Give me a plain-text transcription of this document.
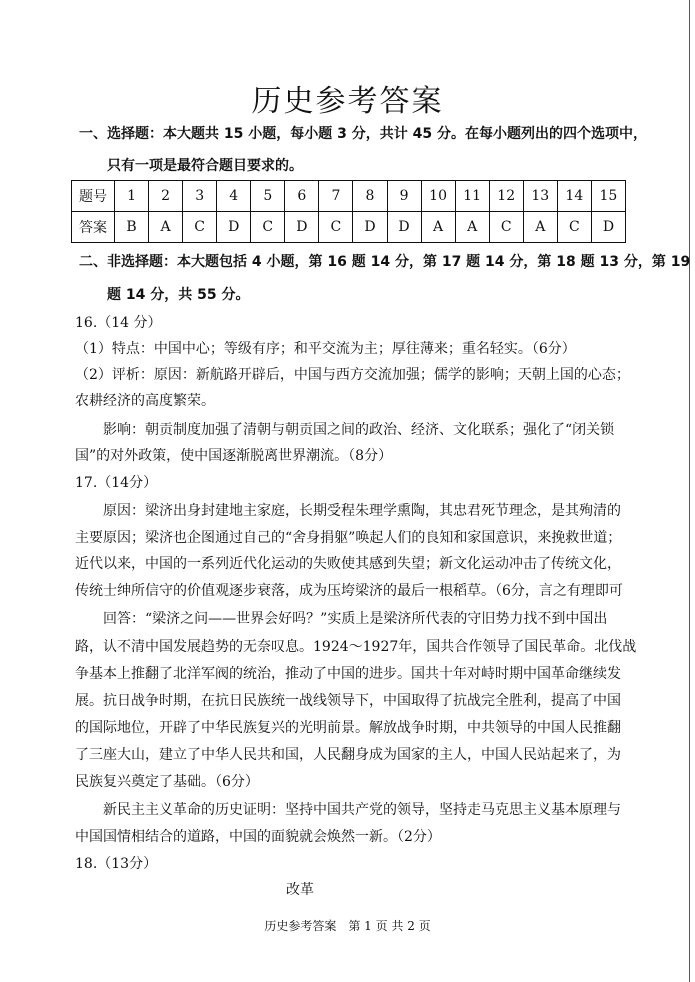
历史参考答案
一、选择题：本大题共 15 小题，每小题 3 分，共计 45 分。在每小题列出的四个选项中，
只有一项是最符合题目要求的。
题号	1	2	3	4	5	6	7	8	9	10	11	12	13	14	15
答案	B	A	C	D	C	D	C	D	D	A	A	C	A	C	D
二、非选择题：本大题包括 4 小题，第 16 题 14 分，第 17 题 14 分，第 18 题 13 分，第 19
题 14 分，共 55 分。
16.（14 分）
（1）特点：中国中心；等级有序；和平交流为主；厚往薄来；重名轻实。（6分）
（2）评析：原因：新航路开辟后，中国与西方交流加强；儒学的影响；天朝上国的心态；
农耕经济的高度繁荣。
影响：朝贡制度加强了清朝与朝贡国之间的政治、经济、文化联系；强化了“闭关锁
国”的对外政策，使中国逐渐脱离世界潮流。（8分）
17.（14分）
原因：梁济出身封建地主家庭，长期受程朱理学熏陶，其忠君死节理念，是其殉清的
主要原因；梁济也企图通过自己的“舍身捐躯”唤起人们的良知和家国意识，来挽救世道；
近代以来，中国的一系列近代化运动的失败使其感到失望；新文化运动冲击了传统文化，
传统士绅所信守的价值观逐步衰落，成为压垮梁济的最后一根稻草。（6分，言之有理即可
回答：“梁济之问——世界会好吗？”实质上是梁济所代表的守旧势力找不到中国出
路，认不清中国发展趋势的无奈叹息。1924～1927年，国共合作领导了国民革命。北伐战
争基本上推翻了北洋军阀的统治，推动了中国的进步。国共十年对峙时期中国革命继续发
展。抗日战争时期，在抗日民族统一战线领导下，中国取得了抗战完全胜利，提高了中国
的国际地位，开辟了中华民族复兴的光明前景。解放战争时期，中共领导的中国人民推翻
了三座大山，建立了中华人民共和国，人民翻身成为国家的主人，中国人民站起来了，为
民族复兴奠定了基础。（6分）
新民主主义革命的历史证明：坚持中国共产党的领导，坚持走马克思主义基本原理与
中国国情相结合的道路，中国的面貌就会焕然一新。（2分）
18.（13分）
改革
历史参考答案　第 1 页 共 2 页
